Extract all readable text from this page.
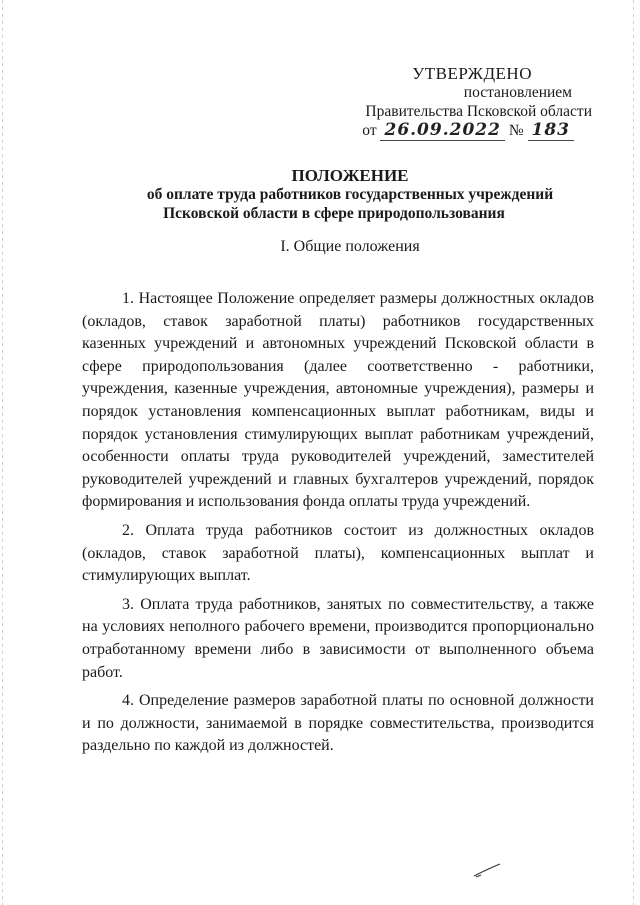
УТВЕРЖДЕНО
постановлением
Правительства Псковской области
от 26.09.2022 № 183
ПОЛОЖЕНИЕ
об оплате труда работников государственных учреждений
Псковской области в сфере природопользования
I. Общие положения

1. Настоящее Положение определяет размеры должностных окладов (окладов, ставок заработной платы) работников государственных казенных учреждений и автономных учреждений Псковской области в сфере природопользования (далее соответственно - работники, учреждения, казенные учреждения, автономные учреждения), размеры и порядок установления компенсационных выплат работникам, виды и порядок установления стимулирующих выплат работникам учреждений, особенности оплаты труда руководителей учреждений, заместителей руководителей учреждений и главных бухгалтеров учреждений, порядок формирования и использования фонда оплаты труда учреждений.

2. Оплата труда работников состоит из должностных окладов (окладов, ставок заработной платы), компенсационных выплат и стимулирующих выплат.

3. Оплата труда работников, занятых по совместительству, а также на условиях неполного рабочего времени, производится пропорционально отработанному времени либо в зависимости от выполненного объема работ.

4. Определение размеров заработной платы по основной должности и по должности, занимаемой в порядке совместительства, производится раздельно по каждой из должностей.
